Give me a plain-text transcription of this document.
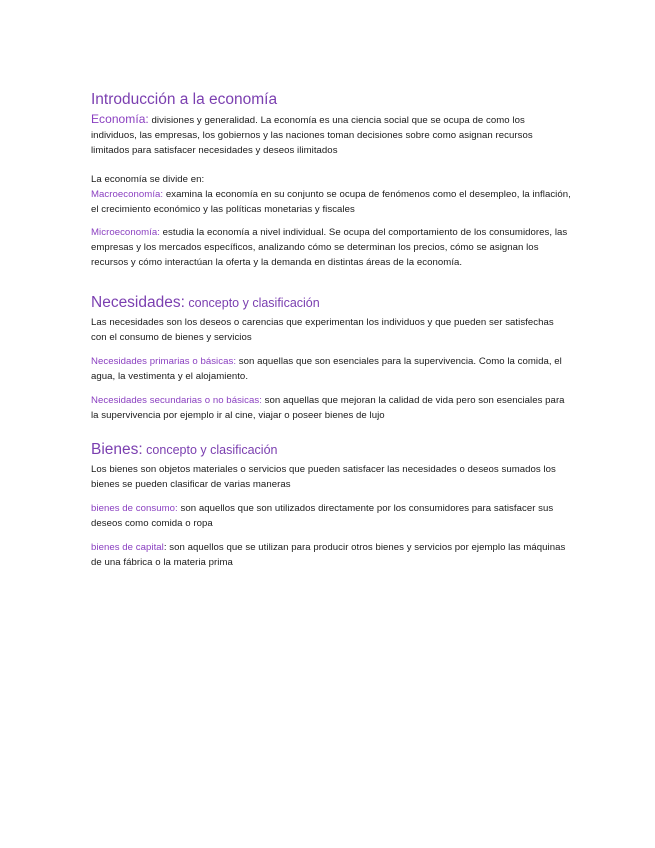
Introducción a la economía

Economía: divisiones y generalidad. La economía es una ciencia social que se ocupa de como los individuos, las empresas, los gobiernos y las naciones toman decisiones sobre como asignan recursos limitados para satisfacer necesidades y deseos ilimitados

La economía se divide en:

Macroeconomía: examina la economía en su conjunto se ocupa de fenómenos como el desempleo, la inflación, el crecimiento económico y las políticas monetarias y fiscales

Microeconomía: estudia la economía a nivel individual. Se ocupa del comportamiento de los consumidores, las empresas y los mercados específicos, analizando cómo se determinan los precios, cómo se asignan los recursos y cómo interactúan la oferta y la demanda en distintas áreas de la economía.

Necesidades: concepto y clasificación

Las necesidades son los deseos o carencias que experimentan los individuos y que pueden ser satisfechas con el consumo de bienes y servicios

Necesidades primarias o básicas: son aquellas que son esenciales para la supervivencia. Como la comida, el agua, la vestimenta y el alojamiento.

Necesidades secundarias o no básicas: son aquellas que mejoran la calidad de vida pero son esenciales para la supervivencia por ejemplo ir al cine, viajar o poseer bienes de lujo

Bienes: concepto y clasificación

Los bienes son objetos materiales o servicios que pueden satisfacer las necesidades o deseos sumados los bienes se pueden clasificar de varias maneras

bienes de consumo: son aquellos que son utilizados directamente por los consumidores para satisfacer sus deseos como comida o ropa

bienes de capital: son aquellos que se utilizan para producir otros bienes y servicios por ejemplo las máquinas de una fábrica o la materia prima
